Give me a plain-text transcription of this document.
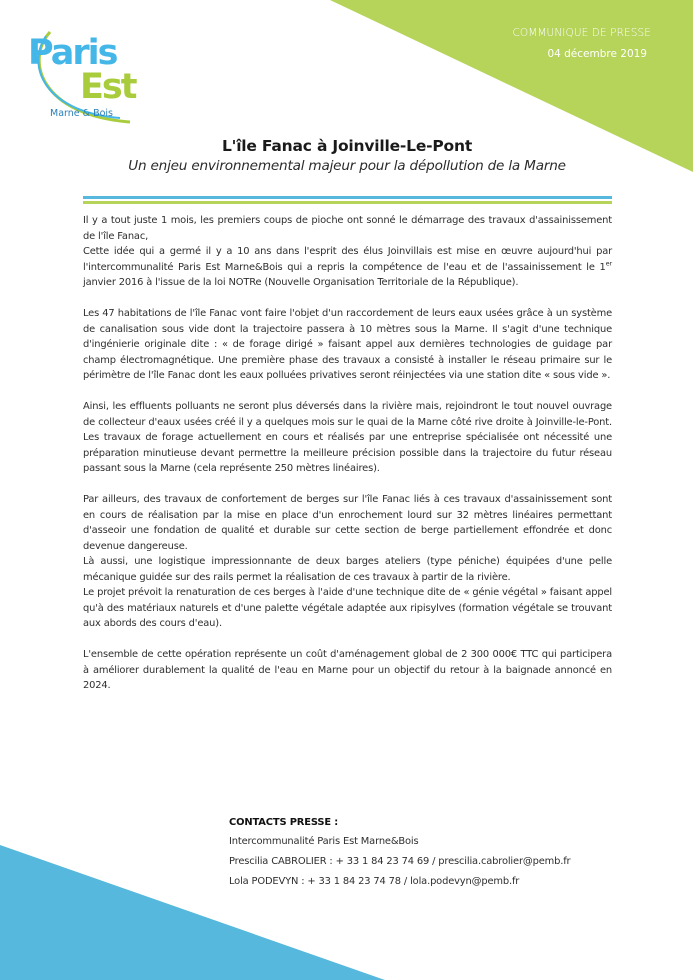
Paris
Est
Marne & Bois
COMMUNIQUE DE PRESSE
04 décembre 2019
L'île Fanac à Joinville-Le-Pont
Un enjeu environnemental majeur pour la dépollution de la Marne

Il y a tout juste 1 mois, les premiers coups de pioche ont sonné le démarrage des travaux d'assainissement de l'île Fanac,

Cette idée qui a germé il y a 10 ans dans l'esprit des élus Joinvillais est mise en œuvre aujourd'hui par l'intercommunalité Paris Est Marne&Bois qui a repris la compétence de l'eau et de l'assainissement le 1er janvier 2016 à l'issue de la loi NOTRe (Nouvelle Organisation Territoriale de la République).

Les 47 habitations de l'île Fanac vont faire l'objet d'un raccordement de leurs eaux usées grâce à un système de canalisation sous vide dont la trajectoire passera à 10 mètres sous la Marne. Il s'agit d'une technique d'ingénierie originale dite : « de forage dirigé » faisant appel aux dernières technologies de guidage par champ électromagnétique. Une première phase des travaux a consisté à installer le réseau primaire sur le périmètre de l'île Fanac dont les eaux polluées privatives seront réinjectées via une station dite « sous vide ».

Ainsi, les effluents polluants ne seront plus déversés dans la rivière mais, rejoindront le tout nouvel ouvrage de collecteur d'eaux usées créé il y a quelques mois sur le quai de la Marne côté rive droite à Joinville-le-Pont. Les travaux de forage actuellement en cours et réalisés par une entreprise spécialisée ont nécessité une préparation minutieuse devant permettre la meilleure précision possible dans la trajectoire du futur réseau passant sous la Marne (cela représente 250 mètres linéaires).

Par ailleurs, des travaux de confortement de berges sur l'île Fanac liés à ces travaux d'assainissement sont en cours de réalisation par la mise en place d'un enrochement lourd sur 32 mètres linéaires permettant d'asseoir une fondation de qualité et durable sur cette section de berge partiellement effondrée et donc devenue dangereuse.

Là aussi, une logistique impressionnante de deux barges ateliers (type péniche) équipées d'une pelle mécanique guidée sur des rails permet la réalisation de ces travaux à partir de la rivière.

Le projet prévoit la renaturation de ces berges à l'aide d'une technique dite de « génie végétal » faisant appel qu'à des matériaux naturels et d'une palette végétale adaptée aux ripisylves (formation végétale se trouvant aux abords des cours d'eau).

L'ensemble de cette opération représente un coût d'aménagement global de 2 300 000€ TTC qui participera à améliorer durablement la qualité de l'eau en Marne pour un objectif du retour à la baignade annoncé en 2024.

CONTACTS PRESSE :
Intercommunalité Paris Est Marne&Bois
Prescilia CABROLIER : + 33 1 84 23 74 69 / prescilia.cabrolier@pemb.fr
Lola PODEVYN : + 33 1 84 23 74 78 / lola.podevyn@pemb.fr
